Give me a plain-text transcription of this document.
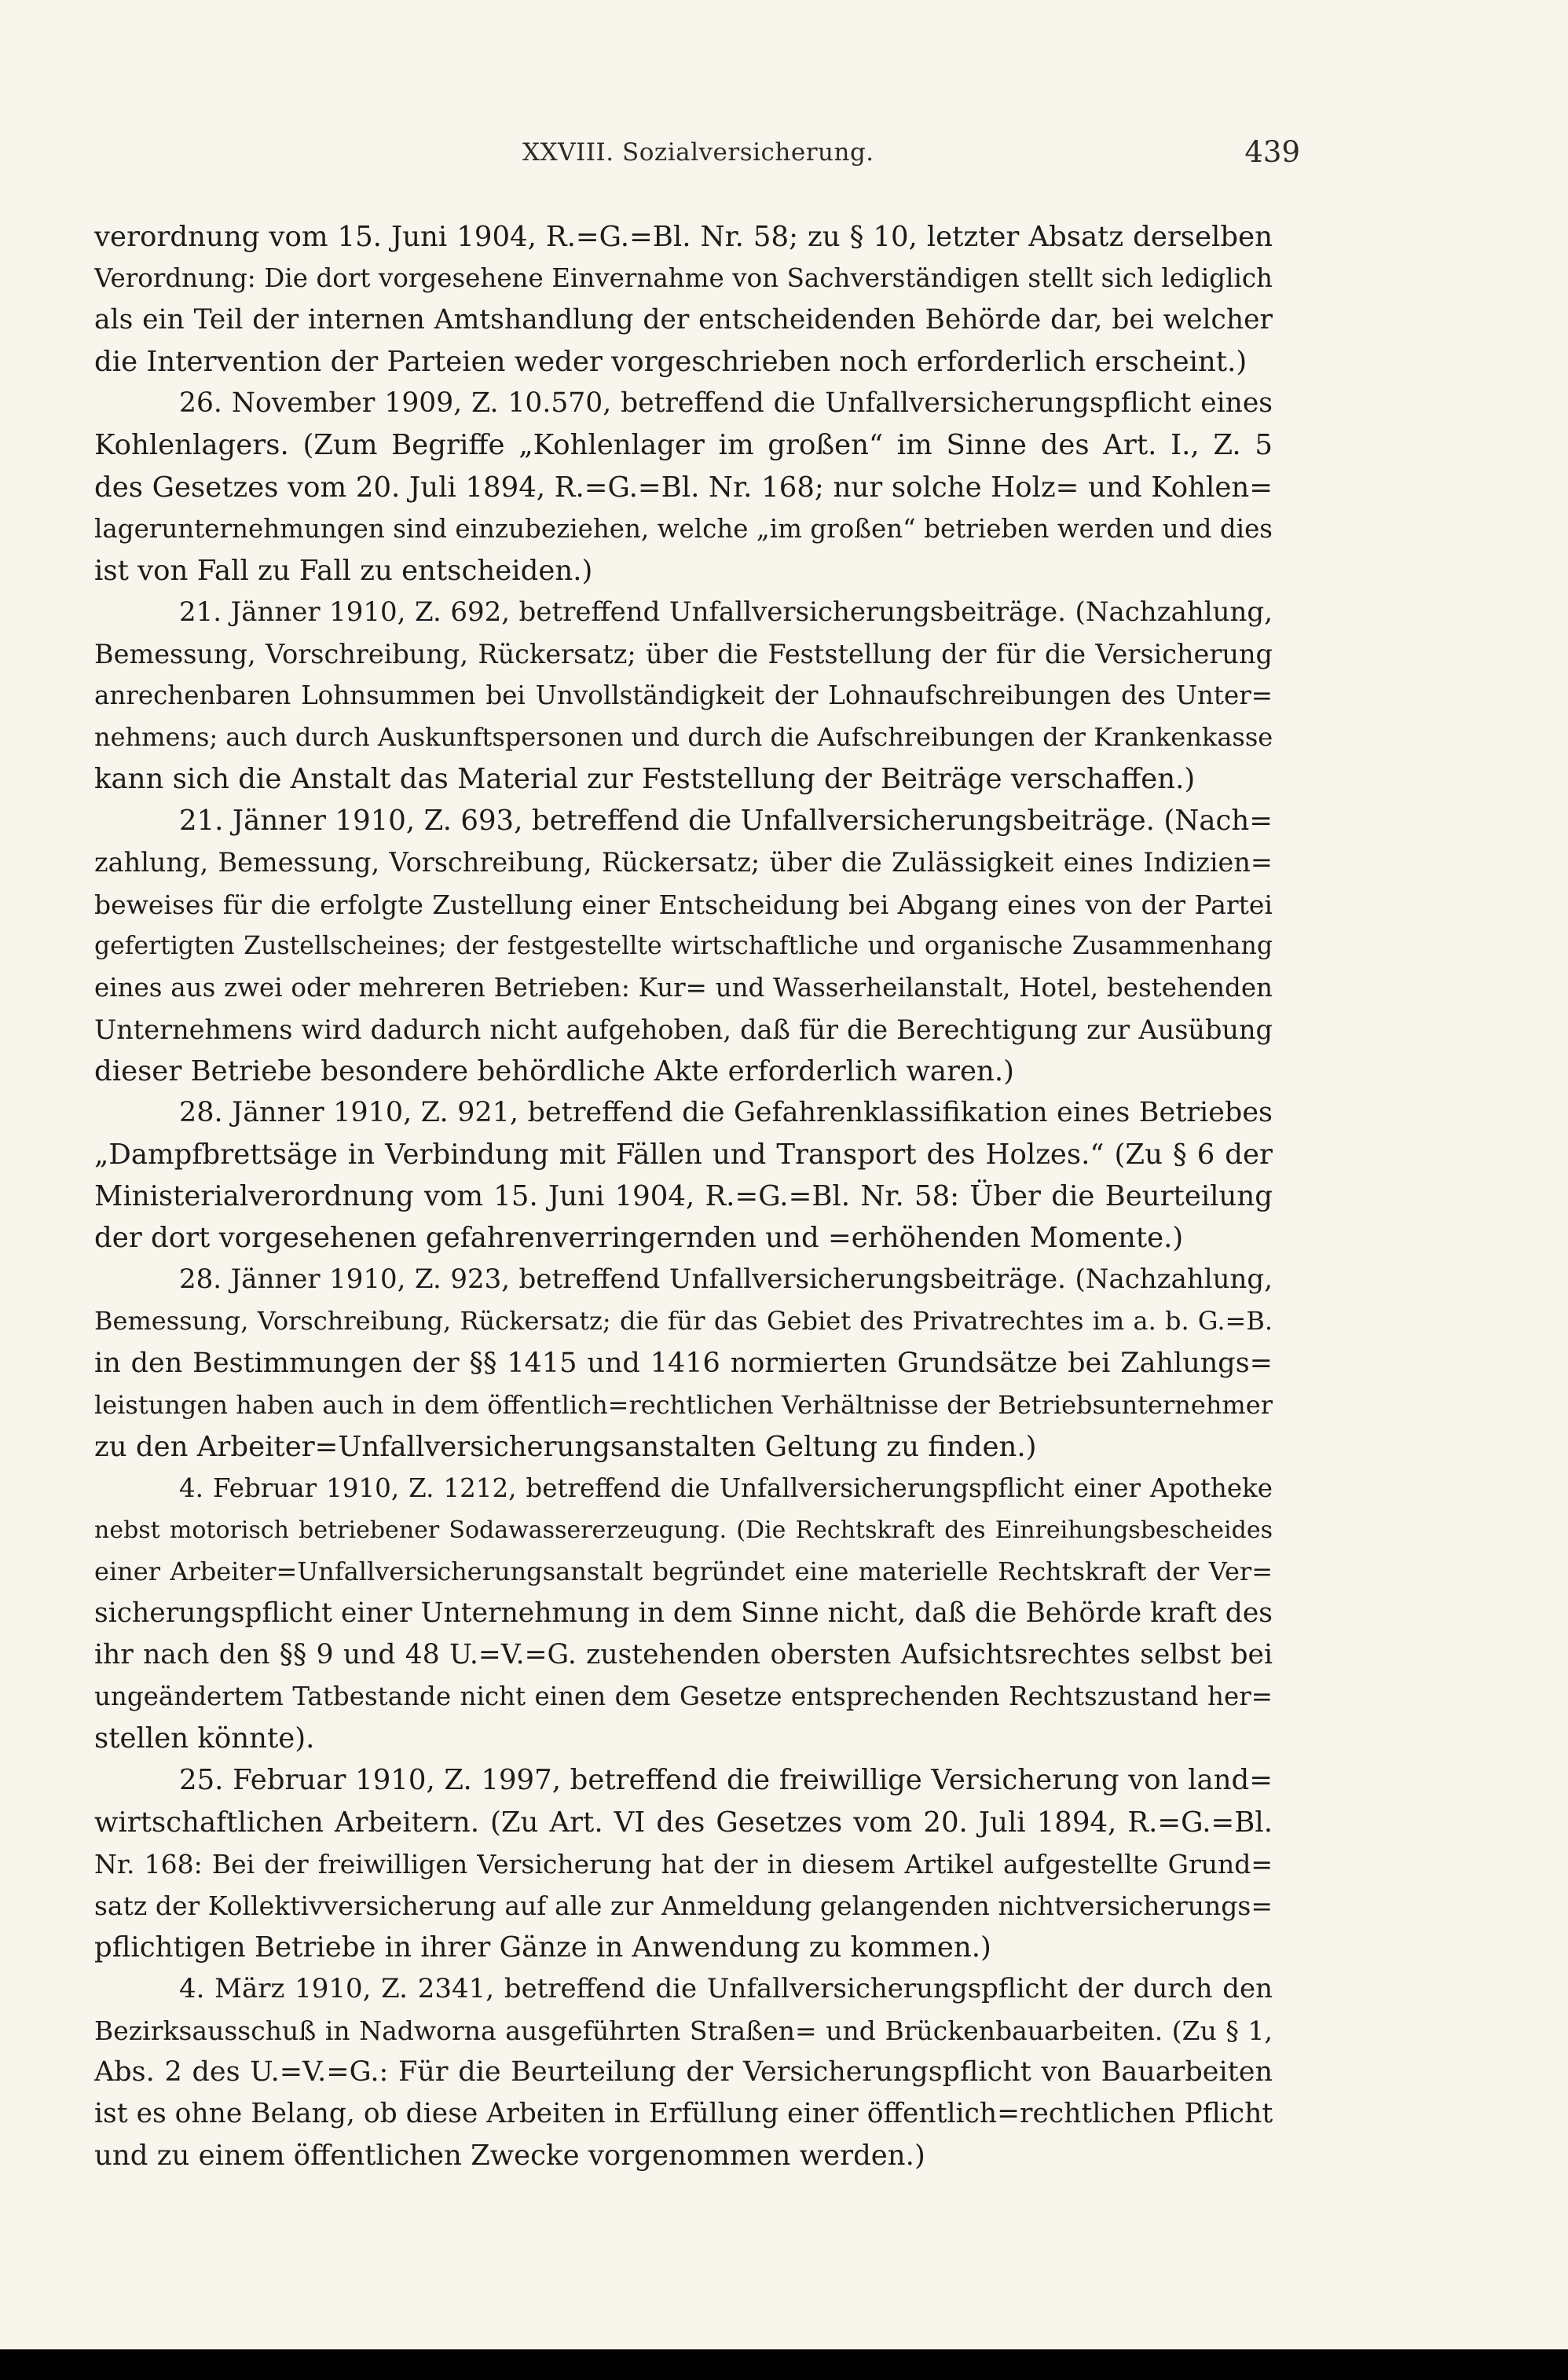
XXVIII. Sozialversicherung.	439
verordnung vom 15. Juni 1904, R.=G.=Bl. Nr. 58; zu § 10, letzter Absatz derselben
Verordnung: Die dort vorgesehene Einvernahme von Sachverständigen stellt sich lediglich
als ein Teil der internen Amtshandlung der entscheidenden Behörde dar, bei welcher
die Intervention der Parteien weder vorgeschrieben noch erforderlich erscheint.)
26. November 1909, Z. 10.570, betreffend die Unfallversicherungspflicht eines
Kohlenlagers. (Zum Begriffe „Kohlenlager im großen“ im Sinne des Art. I., Z. 5
des Gesetzes vom 20. Juli 1894, R.=G.=Bl. Nr. 168; nur solche Holz= und Kohlen=
lagerunternehmungen sind einzubeziehen, welche „im großen“ betrieben werden und dies
ist von Fall zu Fall zu entscheiden.)
21. Jänner 1910, Z. 692, betreffend Unfallversicherungsbeiträge. (Nachzahlung,
Bemessung, Vorschreibung, Rückersatz; über die Feststellung der für die Versicherung
anrechenbaren Lohnsummen bei Unvollständigkeit der Lohnaufschreibungen des Unter=
nehmens; auch durch Auskunftspersonen und durch die Aufschreibungen der Krankenkasse
kann sich die Anstalt das Material zur Feststellung der Beiträge verschaffen.)
21. Jänner 1910, Z. 693, betreffend die Unfallversicherungsbeiträge. (Nach=
zahlung, Bemessung, Vorschreibung, Rückersatz; über die Zulässigkeit eines Indizien=
beweises für die erfolgte Zustellung einer Entscheidung bei Abgang eines von der Partei
gefertigten Zustellscheines; der festgestellte wirtschaftliche und organische Zusammenhang
eines aus zwei oder mehreren Betrieben: Kur= und Wasserheilanstalt, Hotel, bestehenden
Unternehmens wird dadurch nicht aufgehoben, daß für die Berechtigung zur Ausübung
dieser Betriebe besondere behördliche Akte erforderlich waren.)
28. Jänner 1910, Z. 921, betreffend die Gefahrenklassifikation eines Betriebes
„Dampfbrettsäge in Verbindung mit Fällen und Transport des Holzes.“ (Zu § 6 der
Ministerialverordnung vom 15. Juni 1904, R.=G.=Bl. Nr. 58: Über die Beurteilung
der dort vorgesehenen gefahrenverringernden und =erhöhenden Momente.)
28. Jänner 1910, Z. 923, betreffend Unfallversicherungsbeiträge. (Nachzahlung,
Bemessung, Vorschreibung, Rückersatz; die für das Gebiet des Privatrechtes im a. b. G.=B.
in den Bestimmungen der §§ 1415 und 1416 normierten Grundsätze bei Zahlungs=
leistungen haben auch in dem öffentlich=rechtlichen Verhältnisse der Betriebsunternehmer
zu den Arbeiter=Unfallversicherungsanstalten Geltung zu finden.)
4. Februar 1910, Z. 1212, betreffend die Unfallversicherungspflicht einer Apotheke
nebst motorisch betriebener Sodawassererzeugung. (Die Rechtskraft des Einreihungsbescheides
einer Arbeiter=Unfallversicherungsanstalt begründet eine materielle Rechtskraft der Ver=
sicherungspflicht einer Unternehmung in dem Sinne nicht, daß die Behörde kraft des
ihr nach den §§ 9 und 48 U.=V.=G. zustehenden obersten Aufsichtsrechtes selbst bei
ungeändertem Tatbestande nicht einen dem Gesetze entsprechenden Rechtszustand her=
stellen könnte).
25. Februar 1910, Z. 1997, betreffend die freiwillige Versicherung von land=
wirtschaftlichen Arbeitern. (Zu Art. VI des Gesetzes vom 20. Juli 1894, R.=G.=Bl.
Nr. 168: Bei der freiwilligen Versicherung hat der in diesem Artikel aufgestellte Grund=
satz der Kollektivversicherung auf alle zur Anmeldung gelangenden nichtversicherungs=
pflichtigen Betriebe in ihrer Gänze in Anwendung zu kommen.)
4. März 1910, Z. 2341, betreffend die Unfallversicherungspflicht der durch den
Bezirksausschuß in Nadworna ausgeführten Straßen= und Brückenbauarbeiten. (Zu § 1,
Abs. 2 des U.=V.=G.: Für die Beurteilung der Versicherungspflicht von Bauarbeiten
ist es ohne Belang, ob diese Arbeiten in Erfüllung einer öffentlich=rechtlichen Pflicht
und zu einem öffentlichen Zwecke vorgenommen werden.)
